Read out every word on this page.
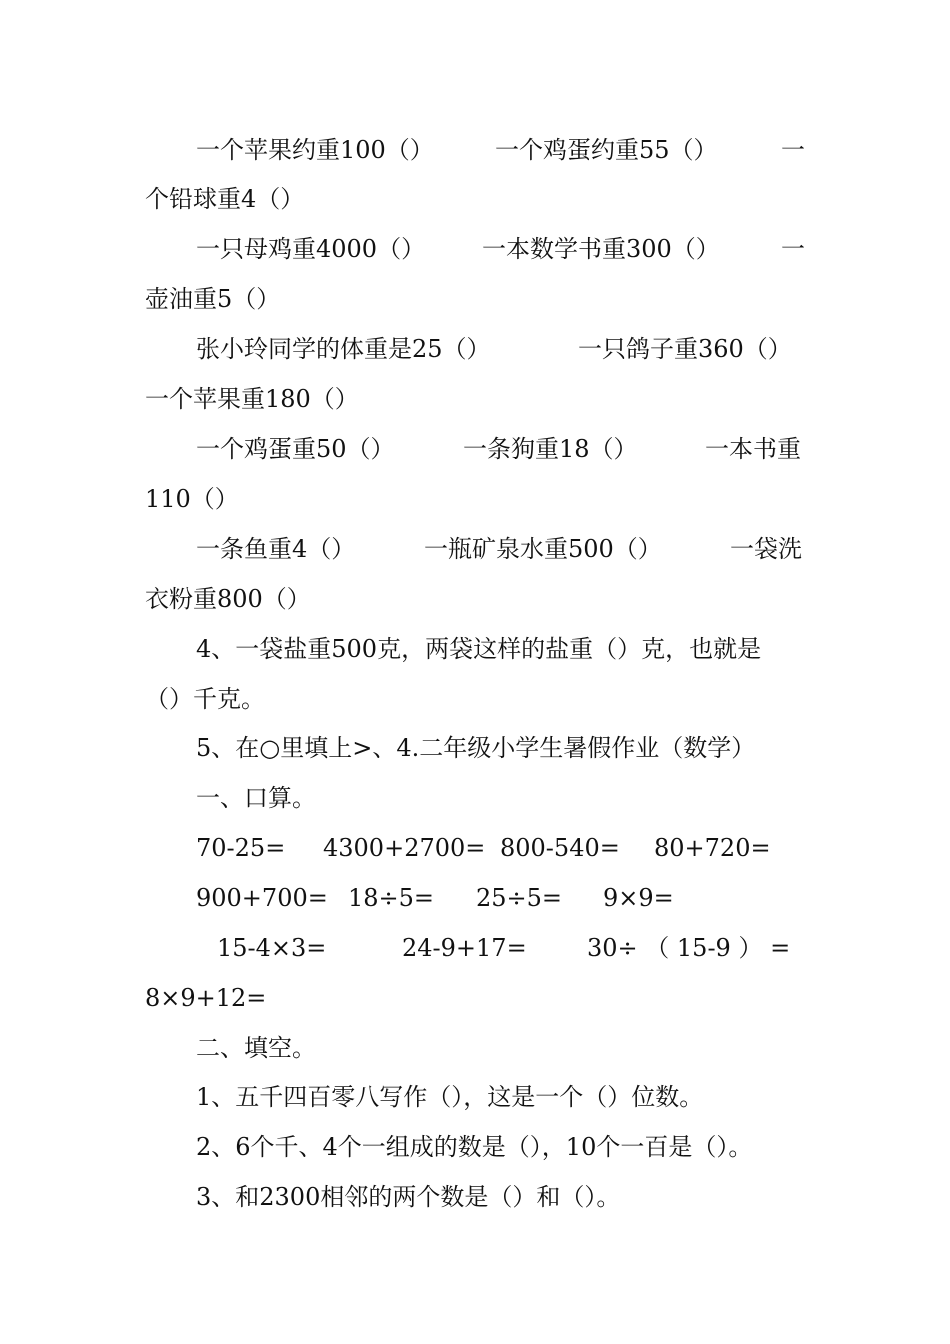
一个苹果约重100（）	一个鸡蛋约重55（）	一
个铅球重4（）
一只母鸡重4000（） 一本数学书重300（）	一
壶油重5（）
张小玲同学的体重是25（）	一只鸽子重360（）
一个苹果重180（）
一个鸡蛋重50（）	一条狗重18（）	一本书重
110（）
一条鱼重4（）	一瓶矿泉水重500（）	一袋洗
衣粉重800（）
4、一袋盐重500克，两袋这样的盐重（）克，也就是
（）千克。
5、在○里填上>、4.二年级小学生暑假作业（数学）
一、口算。
70-25= 4300+2700= 800-540= 80+720=
900+700= 18÷5= 25÷5= 9×9=
15-4×3=	24-9+17=	30÷ （ 15-9 ） =
8×9+12=
二、填空。
1、五千四百零八写作（），这是一个（）位数。
2、6个千、4个一组成的数是（），10个一百是（）。
3、和2300相邻的两个数是（）和（）。
